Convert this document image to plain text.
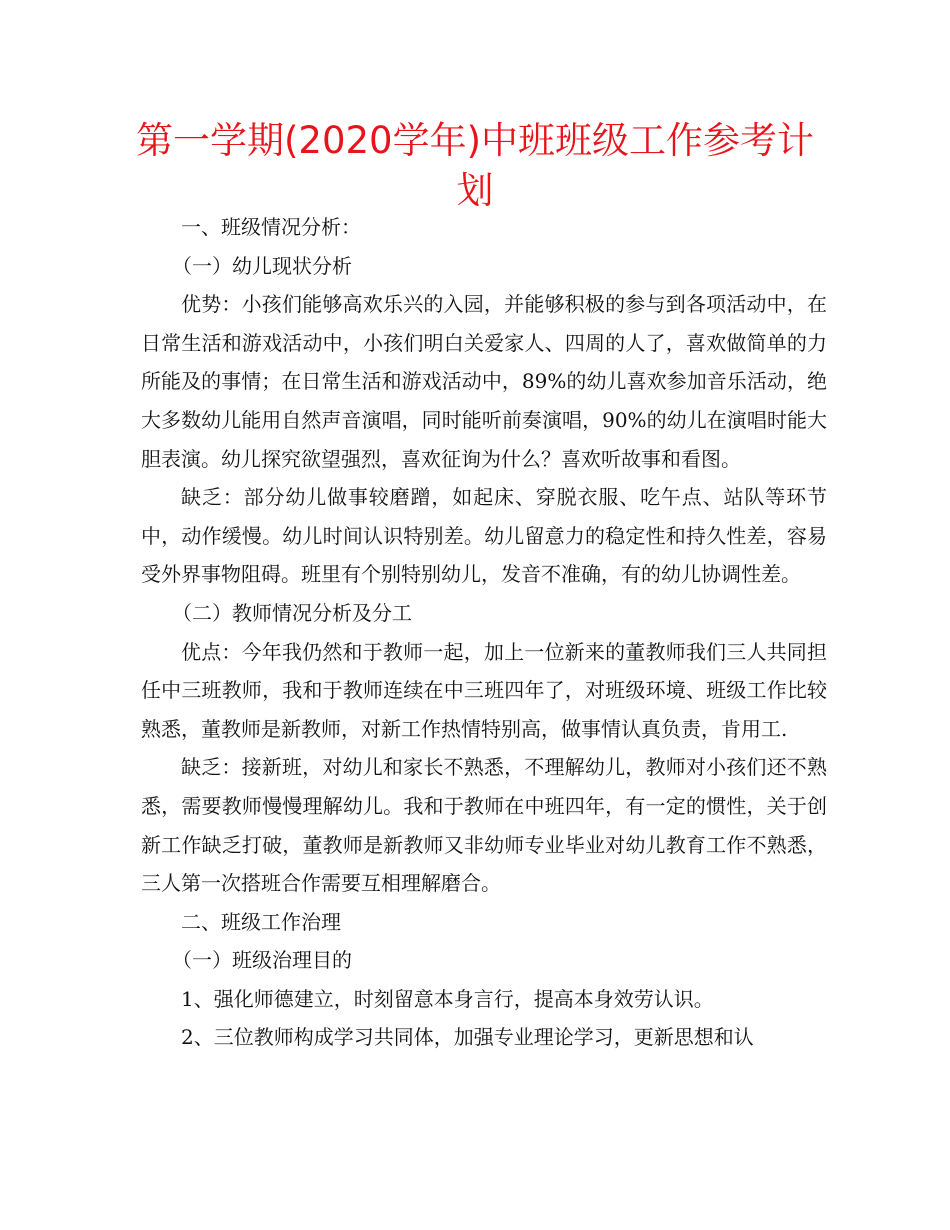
第一学期(2020学年)中班班级工作参考计划

一、班级情况分析：

（一）幼儿现状分析

优势：小孩们能够高欢乐兴的入园，并能够积极的参与到各项活动中，在日常生活和游戏活动中，小孩们明白关爱家人、四周的人了，喜欢做简单的力所能及的事情；在日常生活和游戏活动中，89%的幼儿喜欢参加音乐活动，绝大多数幼儿能用自然声音演唱，同时能听前奏演唱，90%的幼儿在演唱时能大胆表演。幼儿探究欲望强烈，喜欢征询为什么？喜欢听故事和看图。

缺乏：部分幼儿做事较磨蹭，如起床、穿脱衣服、吃午点、站队等环节中，动作缓慢。幼儿时间认识特别差。幼儿留意力的稳定性和持久性差，容易受外界事物阻碍。班里有个别特别幼儿，发音不准确，有的幼儿协调性差。

（二）教师情况分析及分工

优点：今年我仍然和于教师一起，加上一位新来的董教师我们三人共同担任中三班教师，我和于教师连续在中三班四年了，对班级环境、班级工作比较熟悉，董教师是新教师，对新工作热情特别高，做事情认真负责，肯用工.

缺乏：接新班，对幼儿和家长不熟悉，不理解幼儿，教师对小孩们还不熟悉，需要教师慢慢理解幼儿。我和于教师在中班四年，有一定的惯性，关于创新工作缺乏打破，董教师是新教师又非幼师专业毕业对幼儿教育工作不熟悉，三人第一次搭班合作需要互相理解磨合。

二、班级工作治理

（一）班级治理目的

1、强化师德建立，时刻留意本身言行，提高本身效劳认识。

2、三位教师构成学习共同体，加强专业理论学习，更新思想和认
